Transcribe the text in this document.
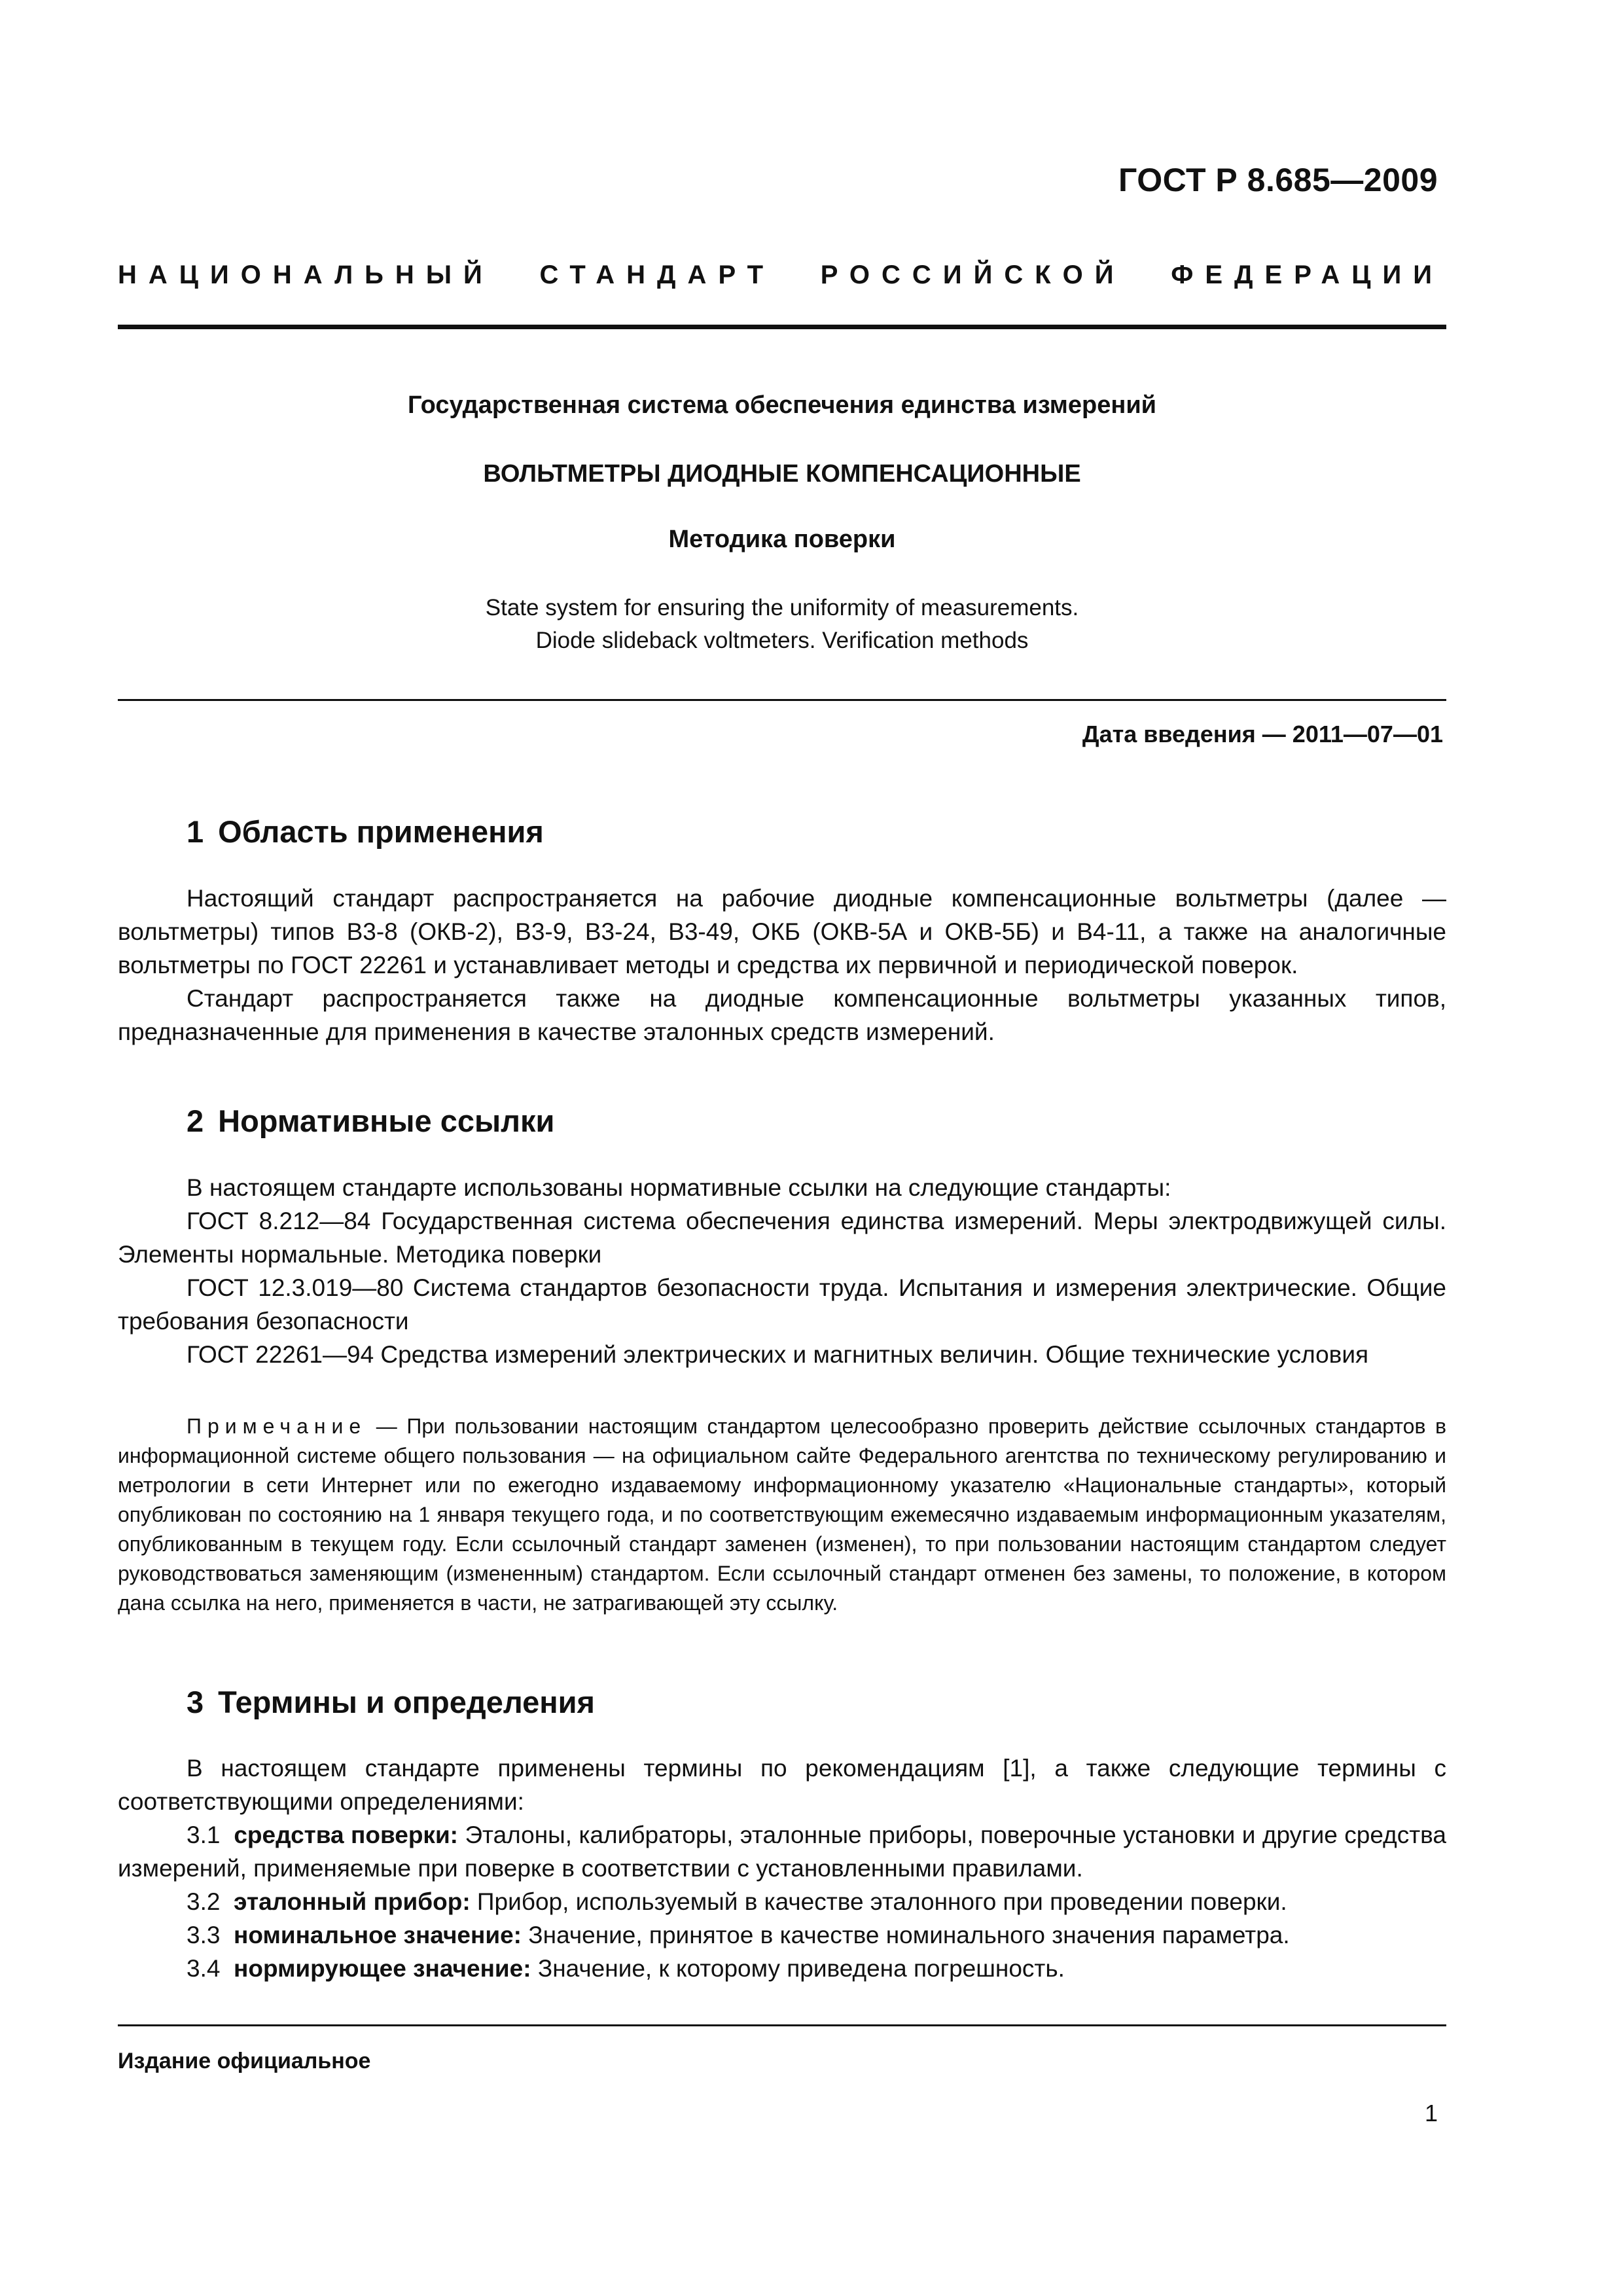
ГОСТ Р 8.685—2009
НАЦИОНАЛЬНЫЙ СТАНДАРТ РОССИЙСКОЙ ФЕДЕРАЦИИ
Государственная система обеспечения единства измерений
ВОЛЬТМЕТРЫ ДИОДНЫЕ КОМПЕНСАЦИОННЫЕ
Методика поверки
State system for ensuring the uniformity of measurements.
Diode slideback voltmeters. Verification methods
Дата введения — 2011—07—01
1 Область применения

Настоящий стандарт распространяется на рабочие диодные компенсационные вольтметры (далее — вольтметры) типов В3-8 (ОКВ-2), В3-9, В3-24, В3-49, ОКБ (ОКВ-5А и ОКВ-5Б) и В4-11, а также на аналогичные вольтметры по ГОСТ 22261 и устанавливает методы и средства их первичной и периодической поверок.

Стандарт распространяется также на диодные компенсационные вольтметры указанных типов, предназначенные для применения в качестве эталонных средств измерений.

2 Нормативные ссылки

В настоящем стандарте использованы нормативные ссылки на следующие стандарты:

ГОСТ 8.212—84 Государственная система обеспечения единства измерений. Меры электродвижущей силы. Элементы нормальные. Методика поверки

ГОСТ 12.3.019—80 Система стандартов безопасности труда. Испытания и измерения электрические. Общие требования безопасности

ГОСТ 22261—94 Средства измерений электрических и магнитных величин. Общие технические условия

Примечание — При пользовании настоящим стандартом целесообразно проверить действие ссылочных стандартов в информационной системе общего пользования — на официальном сайте Федерального агентства по техническому регулированию и метрологии в сети Интернет или по ежегодно издаваемому информационному указателю «Национальные стандарты», который опубликован по состоянию на 1 января текущего года, и по соответствующим ежемесячно издаваемым информационным указателям, опубликованным в текущем году. Если ссылочный стандарт заменен (изменен), то при пользовании настоящим стандартом следует руководствоваться заменяющим (измененным) стандартом. Если ссылочный стандарт отменен без замены, то положение, в котором дана ссылка на него, применяется в части, не затрагивающей эту ссылку.

3 Термины и определения

В настоящем стандарте применены термины по рекомендациям [1], а также следующие термины с соответствующими определениями:

3.1 средства поверки: Эталоны, калибраторы, эталонные приборы, поверочные установки и другие средства измерений, применяемые при поверке в соответствии с установленными правилами.

3.2 эталонный прибор: Прибор, используемый в качестве эталонного при проведении поверки.

3.3 номинальное значение: Значение, принятое в качестве номинального значения параметра.

3.4 нормирующее значение: Значение, к которому приведена погрешность.

Издание официальное
1
